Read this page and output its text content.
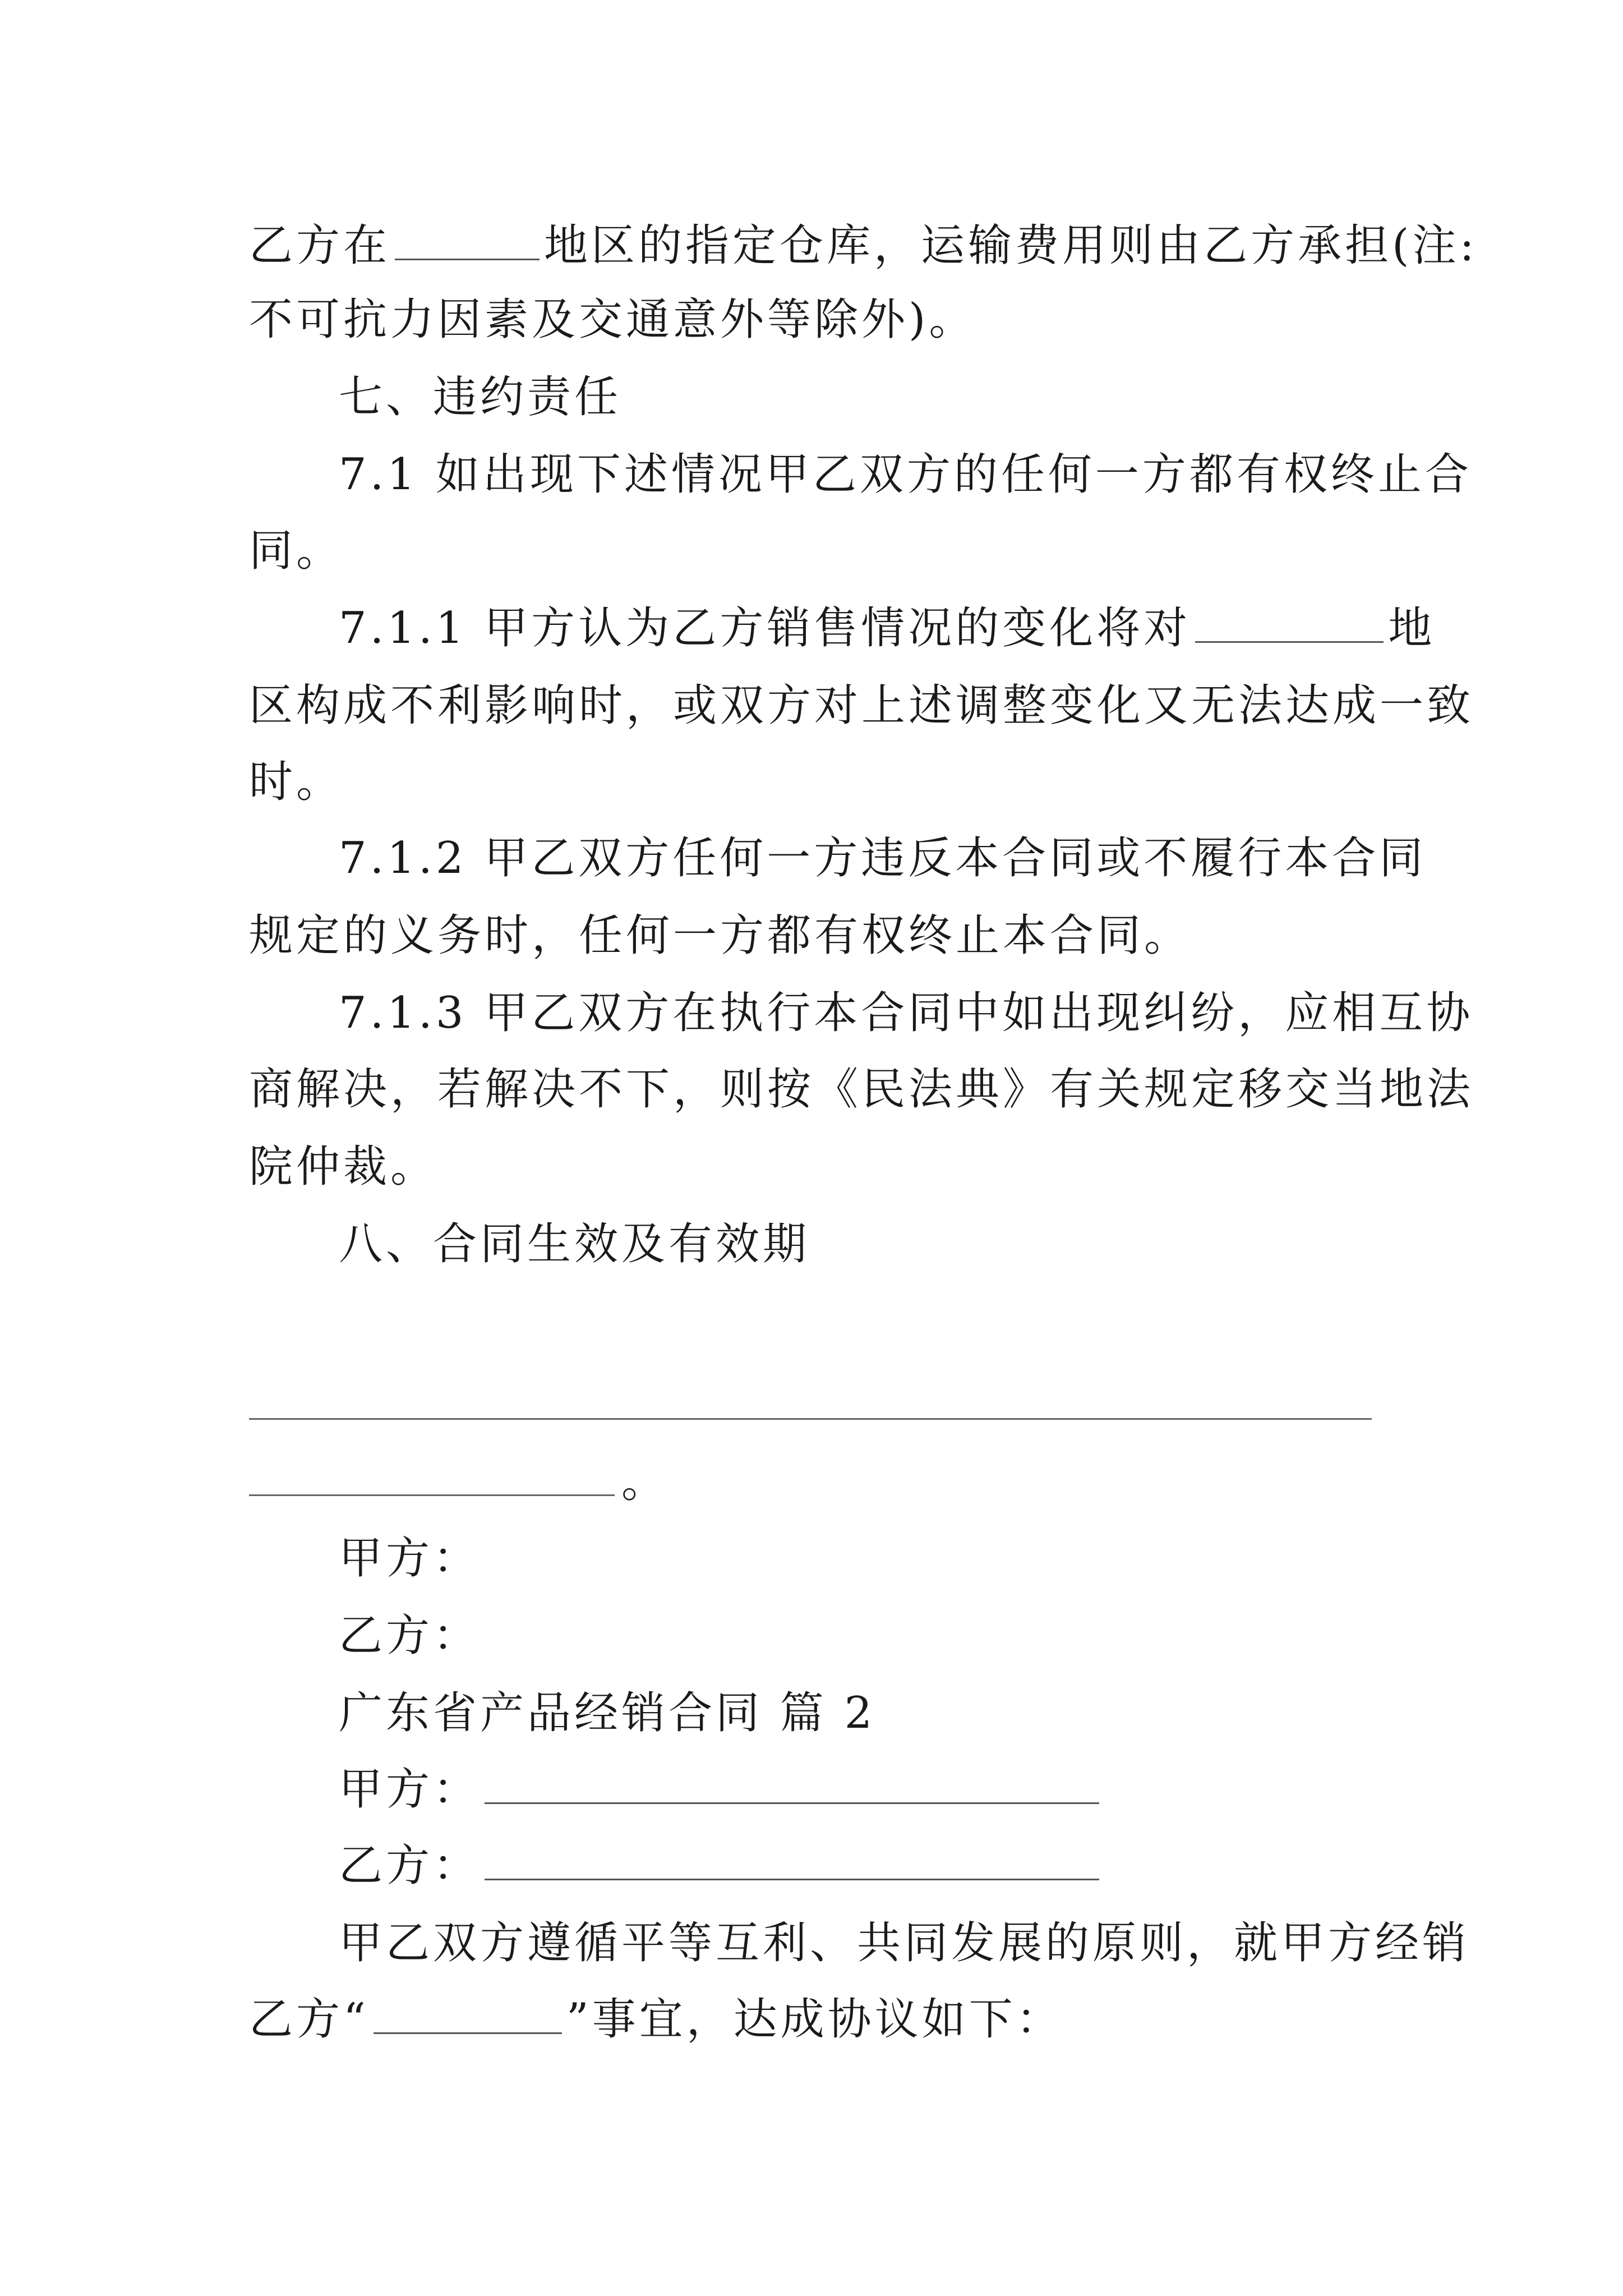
乙方在	地区的指定仓库，运输费用则由乙方承担(注:
不可抗力因素及交通意外等除外)。
七、违约责任
7.1 如出现下述情况甲乙双方的任何一方都有权终止合
同。
7.1.1 甲方认为乙方销售情况的变化将对	地
区构成不利影响时，或双方对上述调整变化又无法达成一致
时。
7.1.2 甲乙双方任何一方违反本合同或不履行本合同
规定的义务时，任何一方都有权终止本合同。
7.1.3 甲乙双方在执行本合同中如出现纠纷，应相互协
商解决，若解决不下，则按《民法典》有关规定移交当地法
院仲裁。
八、合同生效及有效期
。
甲方：
乙方：
广东省产品经销合同 篇 2
甲方：
乙方：
甲乙双方遵循平等互利、共同发展的原则，就甲方经销
乙方“	”事宜，达成协议如下：
